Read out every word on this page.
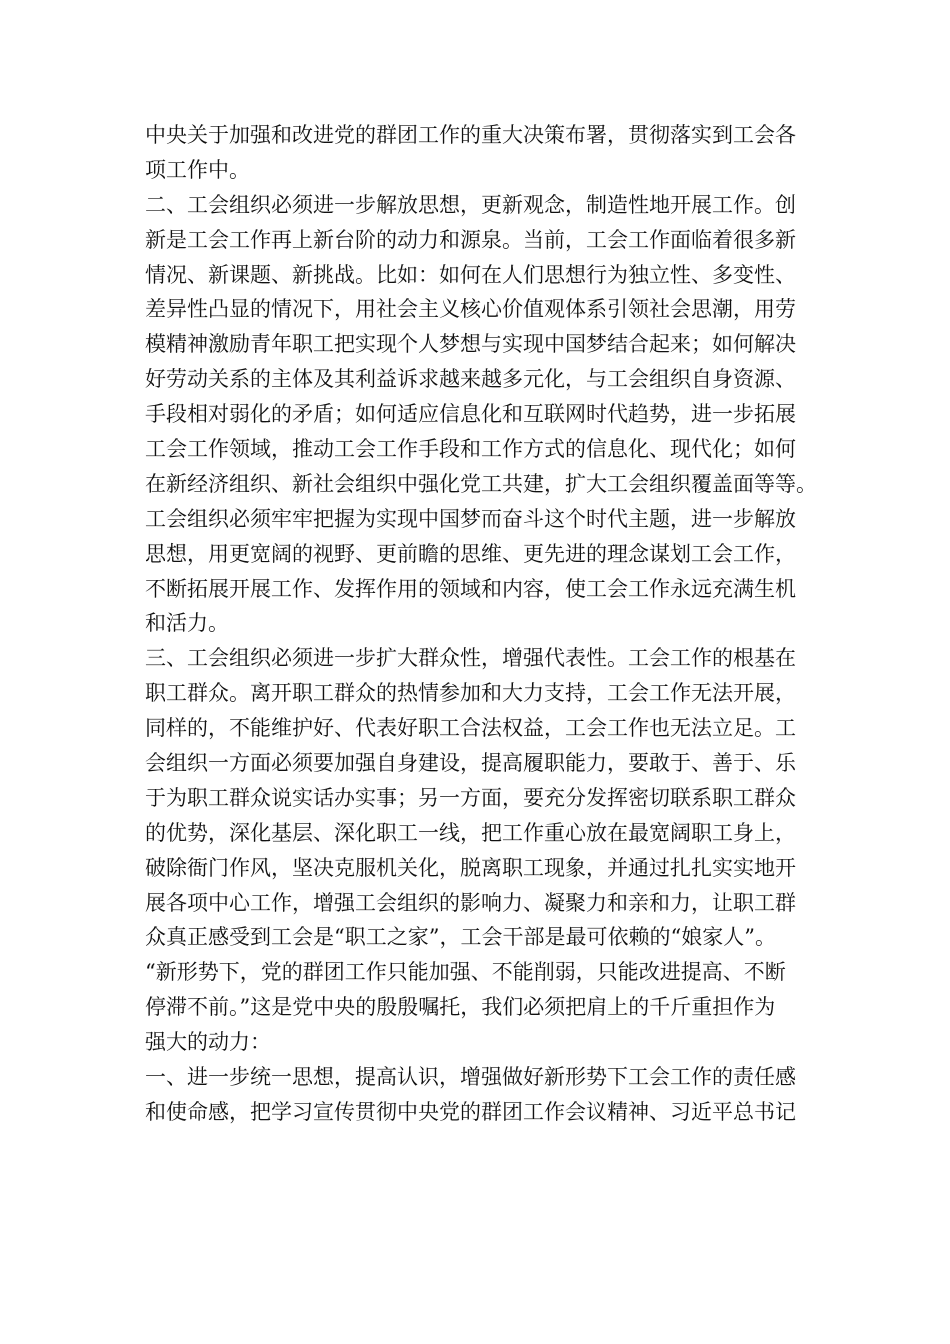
中央关于加强和改进党的群团工作的重大决策布署，贯彻落实到工会各
项工作中。
二、工会组织必须进一步解放思想，更新观念，制造性地开展工作。创
新是工会工作再上新台阶的动力和源泉。当前，工会工作面临着很多新
情况、新课题、新挑战。比如：如何在人们思想行为独立性、多变性、
差异性凸显的情况下，用社会主义核心价值观体系引领社会思潮，用劳
模精神激励青年职工把实现个人梦想与实现中国梦结合起来；如何解决
好劳动关系的主体及其利益诉求越来越多元化，与工会组织自身资源、
手段相对弱化的矛盾；如何适应信息化和互联网时代趋势，进一步拓展
工会工作领域，推动工会工作手段和工作方式的信息化、现代化；如何
在新经济组织、新社会组织中强化党工共建，扩大工会组织覆盖面等等。
工会组织必须牢牢把握为实现中国梦而奋斗这个时代主题，进一步解放
思想，用更宽阔的视野、更前瞻的思维、更先进的理念谋划工会工作，
不断拓展开展工作、发挥作用的领域和内容，使工会工作永远充满生机
和活力。
三、工会组织必须进一步扩大群众性，增强代表性。工会工作的根基在
职工群众。离开职工群众的热情参加和大力支持，工会工作无法开展，
同样的，不能维护好、代表好职工合法权益，工会工作也无法立足。工
会组织一方面必须要加强自身建设，提高履职能力，要敢于、善于、乐
于为职工群众说实话办实事；另一方面，要充分发挥密切联系职工群众
的优势，深化基层、深化职工一线，把工作重心放在最宽阔职工身上，
破除衙门作风，坚决克服机关化，脱离职工现象，并通过扎扎实实地开
展各项中心工作，增强工会组织的影响力、凝聚力和亲和力，让职工群
众真正感受到工会是“职工之家”，工会干部是最可依赖的“娘家人”。
“新形势下，党的群团工作只能加强、不能削弱，只能改进提高、不断
停滞不前。”这是党中央的殷殷嘱托，我们必须把肩上的千斤重担作为
强大的动力：
一、进一步统一思想，提高认识，增强做好新形势下工会工作的责任感
和使命感，把学习宣传贯彻中央党的群团工作会议精神、习近平总书记
